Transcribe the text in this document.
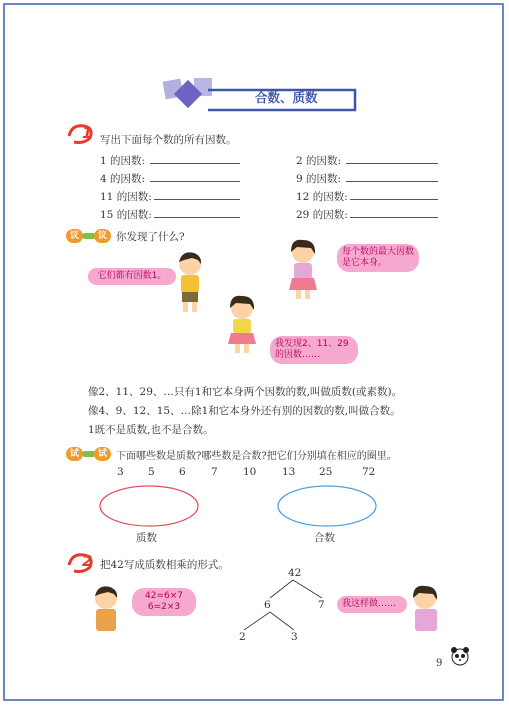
合数、质数
1 写出下面每个数的所有因数。
1 的因数:	2 的因数:
4 的因数:	9 的因数:
11 的因数:	12 的因数:
15 的因数:	29 的因数:
议	议 你发现了什么?
它们都有因数1。
每个数的最大因数是它本身。
我发现2、11、29的因数……
像2、11、29、…只有1和它本身两个因数的数,叫做质数(或素数)。
像4、9、12、15、…除1和它本身外还有别的因数的数,叫做合数。
1既不是质数,也不是合数。
试	试 下面哪些数是质数?哪些数是合数?把它们分别填在相应的圈里。
3 5 6 7 10 13 25	72
质数	合数
2 把42写成质数相乘的形式。
42=6×7
6=2×3
42
6	7
2	3
我这样做……
9
